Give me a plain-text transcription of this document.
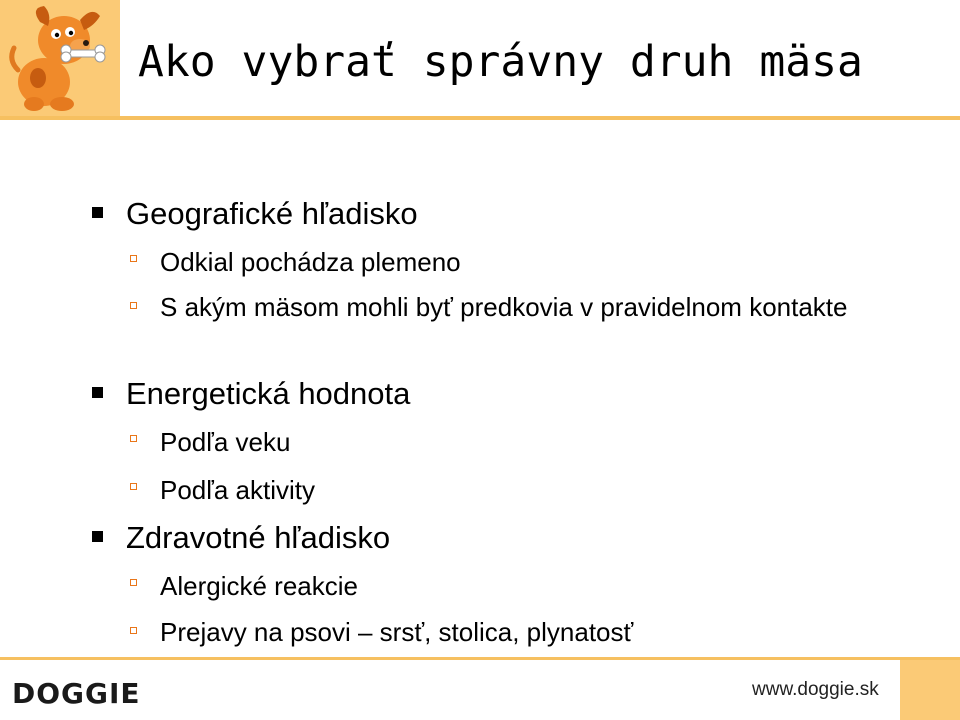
Ako vybrať správny druh mäsa

Geografické hľadisko

Odkial pochádza plemeno

S akým mäsom mohli byť predkovia v pravidelnom kontakte

Energetická hodnota

Podľa veku

Podľa aktivity

Zdravotné hľadisko

Alergické reakcie

Prejavy na psovi – srsť, stolica, plynatosť

DOGGIE	www.doggie.sk
